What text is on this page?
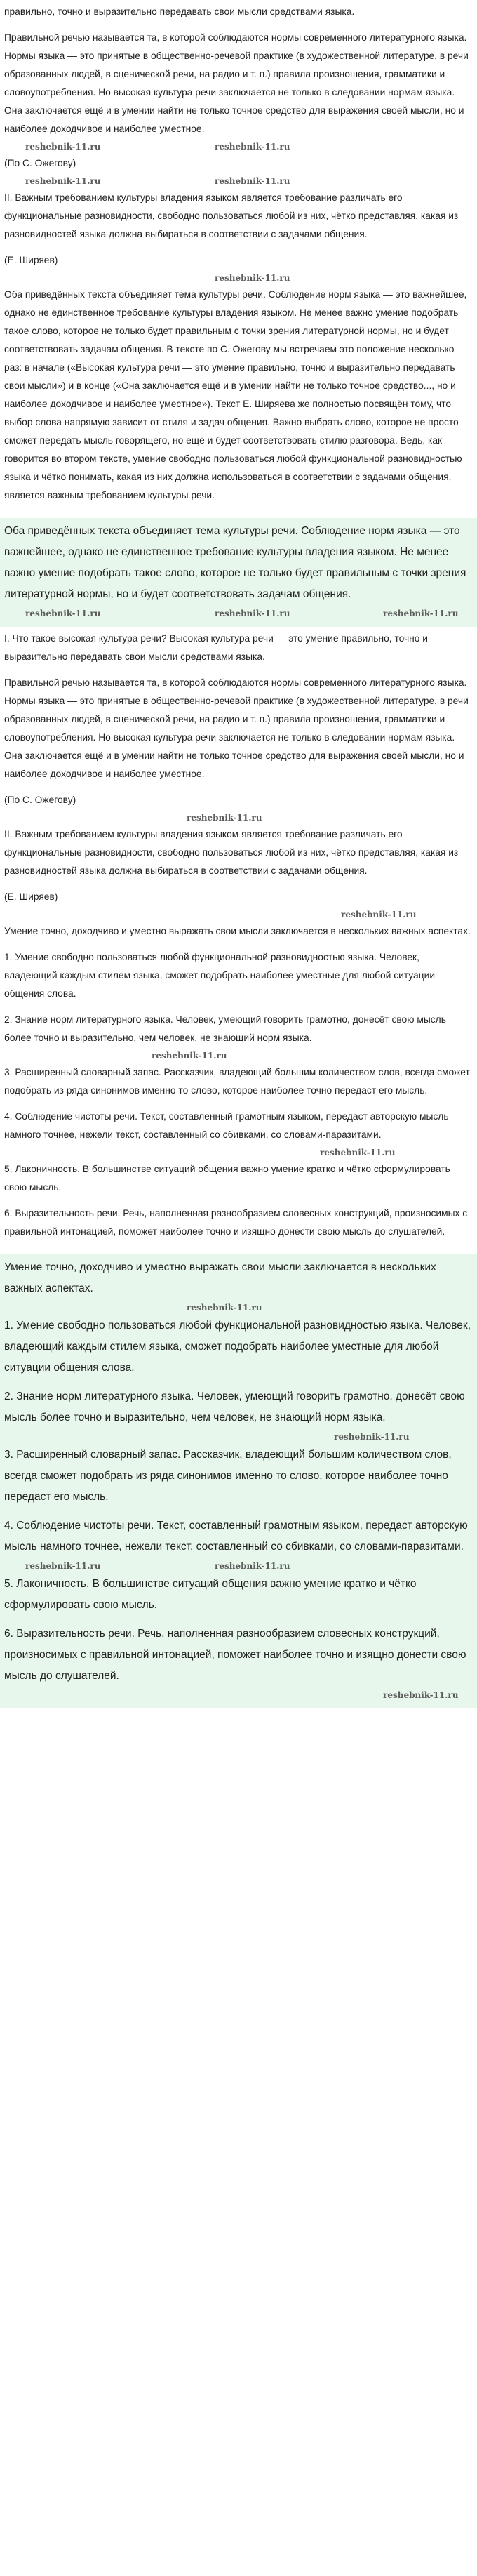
правильно, точно и выразительно передавать свои мысли средствами языка.

Правильной речью называется та, в которой соблюдаются нормы современного литературного языка. Нормы языка — это принятые в общественно-речевой практике (в художественной литературе, в речи образованных людей, в сценической речи, на радио и т. п.) правила произношения, грамматики и словоупотребления. Но высокая культура речи заключается не только в следовании нормам языка. Она заключается ещё и в умении найти не только точное средство для выражения своей мысли, но и наиболее доходчивое и наиболее уместное.

reshebnik-11.ru	reshebnik-11.ru

(По С. Ожегову)

reshebnik-11.ru	reshebnik-11.ru

II. Важным требованием культуры владения языком является требование различать его функциональные разновидности, свободно пользоваться любой из них, чётко представляя, какая из разновидностей языка должна выбираться в соответствии с задачами общения.

(Е. Ширяев)

reshebnik-11.ru

Оба приведённых текста объединяет тема культуры речи. Соблюдение норм языка — это важнейшее, однако не единственное требование культуры владения языком. Не менее важно умение подобрать такое слово, которое не только будет правильным с точки зрения литературной нормы, но и будет соответствовать задачам общения. В тексте по С. Ожегову мы встречаем это положение несколько раз: в начале («Высокая культура речи — это умение правильно, точно и выразительно передавать свои мысли») и в конце («Она заключается ещё и в умении найти не только точное средство..., но и наиболее доходчивое и наиболее уместное»). Текст Е. Ширяева же полностью посвящён тому, что выбор слова напрямую зависит от стиля и задач общения. Важно выбрать слово, которое не просто сможет передать мысль говорящего, но ещё и будет соответствовать стилю разговора. Ведь, как говорится во втором тексте, умение свободно пользоваться любой функциональной разновидностью языка и чётко понимать, какая из них должна использоваться в соответствии с задачами общения, является важным требованием культуры речи.

Оба приведённых текста объединяет тема культуры речи. Соблюдение норм языка — это важнейшее, однако не единственное требование культуры владения языком. Не менее важно умение подобрать такое слово, которое не только будет правильным с точки зрения литературной нормы, но и будет соответствовать задачам общения.

reshebnik-11.ru	reshebnik-11.ru	reshebnik-11.ru

I. Что такое высокая культура речи? Высокая культура речи — это умение правильно, точно и выразительно передавать свои мысли средствами языка.

Правильной речью называется та, в которой соблюдаются нормы современного литературного языка. Нормы языка — это принятые в общественно-речевой практике (в художественной литературе, в речи образованных людей, в сценической речи, на радио и т. п.) правила произношения, грамматики и словоупотребления. Но высокая культура речи заключается не только в следовании нормам языка. Она заключается ещё и в умении найти не только точное средство для выражения своей мысли, но и наиболее доходчивое и наиболее уместное.

(По С. Ожегову)

reshebnik-11.ru

II. Важным требованием культуры владения языком является требование различать его функциональные разновидности, свободно пользоваться любой из них, чётко представляя, какая из разновидностей языка должна выбираться в соответствии с задачами общения.

(Е. Ширяев)

reshebnik-11.ru

Умение точно, доходчиво и уместно выражать свои мысли заключается в нескольких важных аспектах.

1. Умение свободно пользоваться любой функциональной разновидностью языка. Человек, владеющий каждым стилем языка, сможет подобрать наиболее уместные для любой ситуации общения слова.

2. Знание норм литературного языка. Человек, умеющий говорить грамотно, донесёт свою мысль более точно и выразительно, чем человек, не знающий норм языка.

reshebnik-11.ru

3. Расширенный словарный запас. Рассказчик, владеющий большим количеством слов, всегда сможет подобрать из ряда синонимов именно то слово, которое наиболее точно передаст его мысль.

4. Соблюдение чистоты речи. Текст, составленный грамотным языком, передаст авторскую мысль намного точнее, нежели текст, составленный со сбивками, со словами-паразитами.

reshebnik-11.ru

5. Лаконичность. В большинстве ситуаций общения важно умение кратко и чётко сформулировать свою мысль.

6. Выразительность речи. Речь, наполненная разнообразием словесных конструкций, произносимых с правильной интонацией, поможет наиболее точно и изящно донести свою мысль до слушателей.

Умение точно, доходчиво и уместно выражать свои мысли заключается в нескольких важных аспектах.

reshebnik-11.ru

1. Умение свободно пользоваться любой функциональной разновидностью языка. Человек, владеющий каждым стилем языка, сможет подобрать наиболее уместные для любой ситуации общения слова.

2. Знание норм литературного языка. Человек, умеющий говорить грамотно, донесёт свою мысль более точно и выразительно, чем человек, не знающий норм языка.

reshebnik-11.ru

3. Расширенный словарный запас. Рассказчик, владеющий большим количеством слов, всегда сможет подобрать из ряда синонимов именно то слово, которое наиболее точно передаст его мысль.

4. Соблюдение чистоты речи. Текст, составленный грамотным языком, передаст авторскую мысль намного точнее, нежели текст, составленный со сбивками, со словами-паразитами.

reshebnik-11.ru	reshebnik-11.ru

5. Лаконичность. В большинстве ситуаций общения важно умение кратко и чётко сформулировать свою мысль.

6. Выразительность речи. Речь, наполненная разнообразием словесных конструкций, произносимых с правильной интонацией, поможет наиболее точно и изящно донести свою мысль до слушателей.

reshebnik-11.ru
